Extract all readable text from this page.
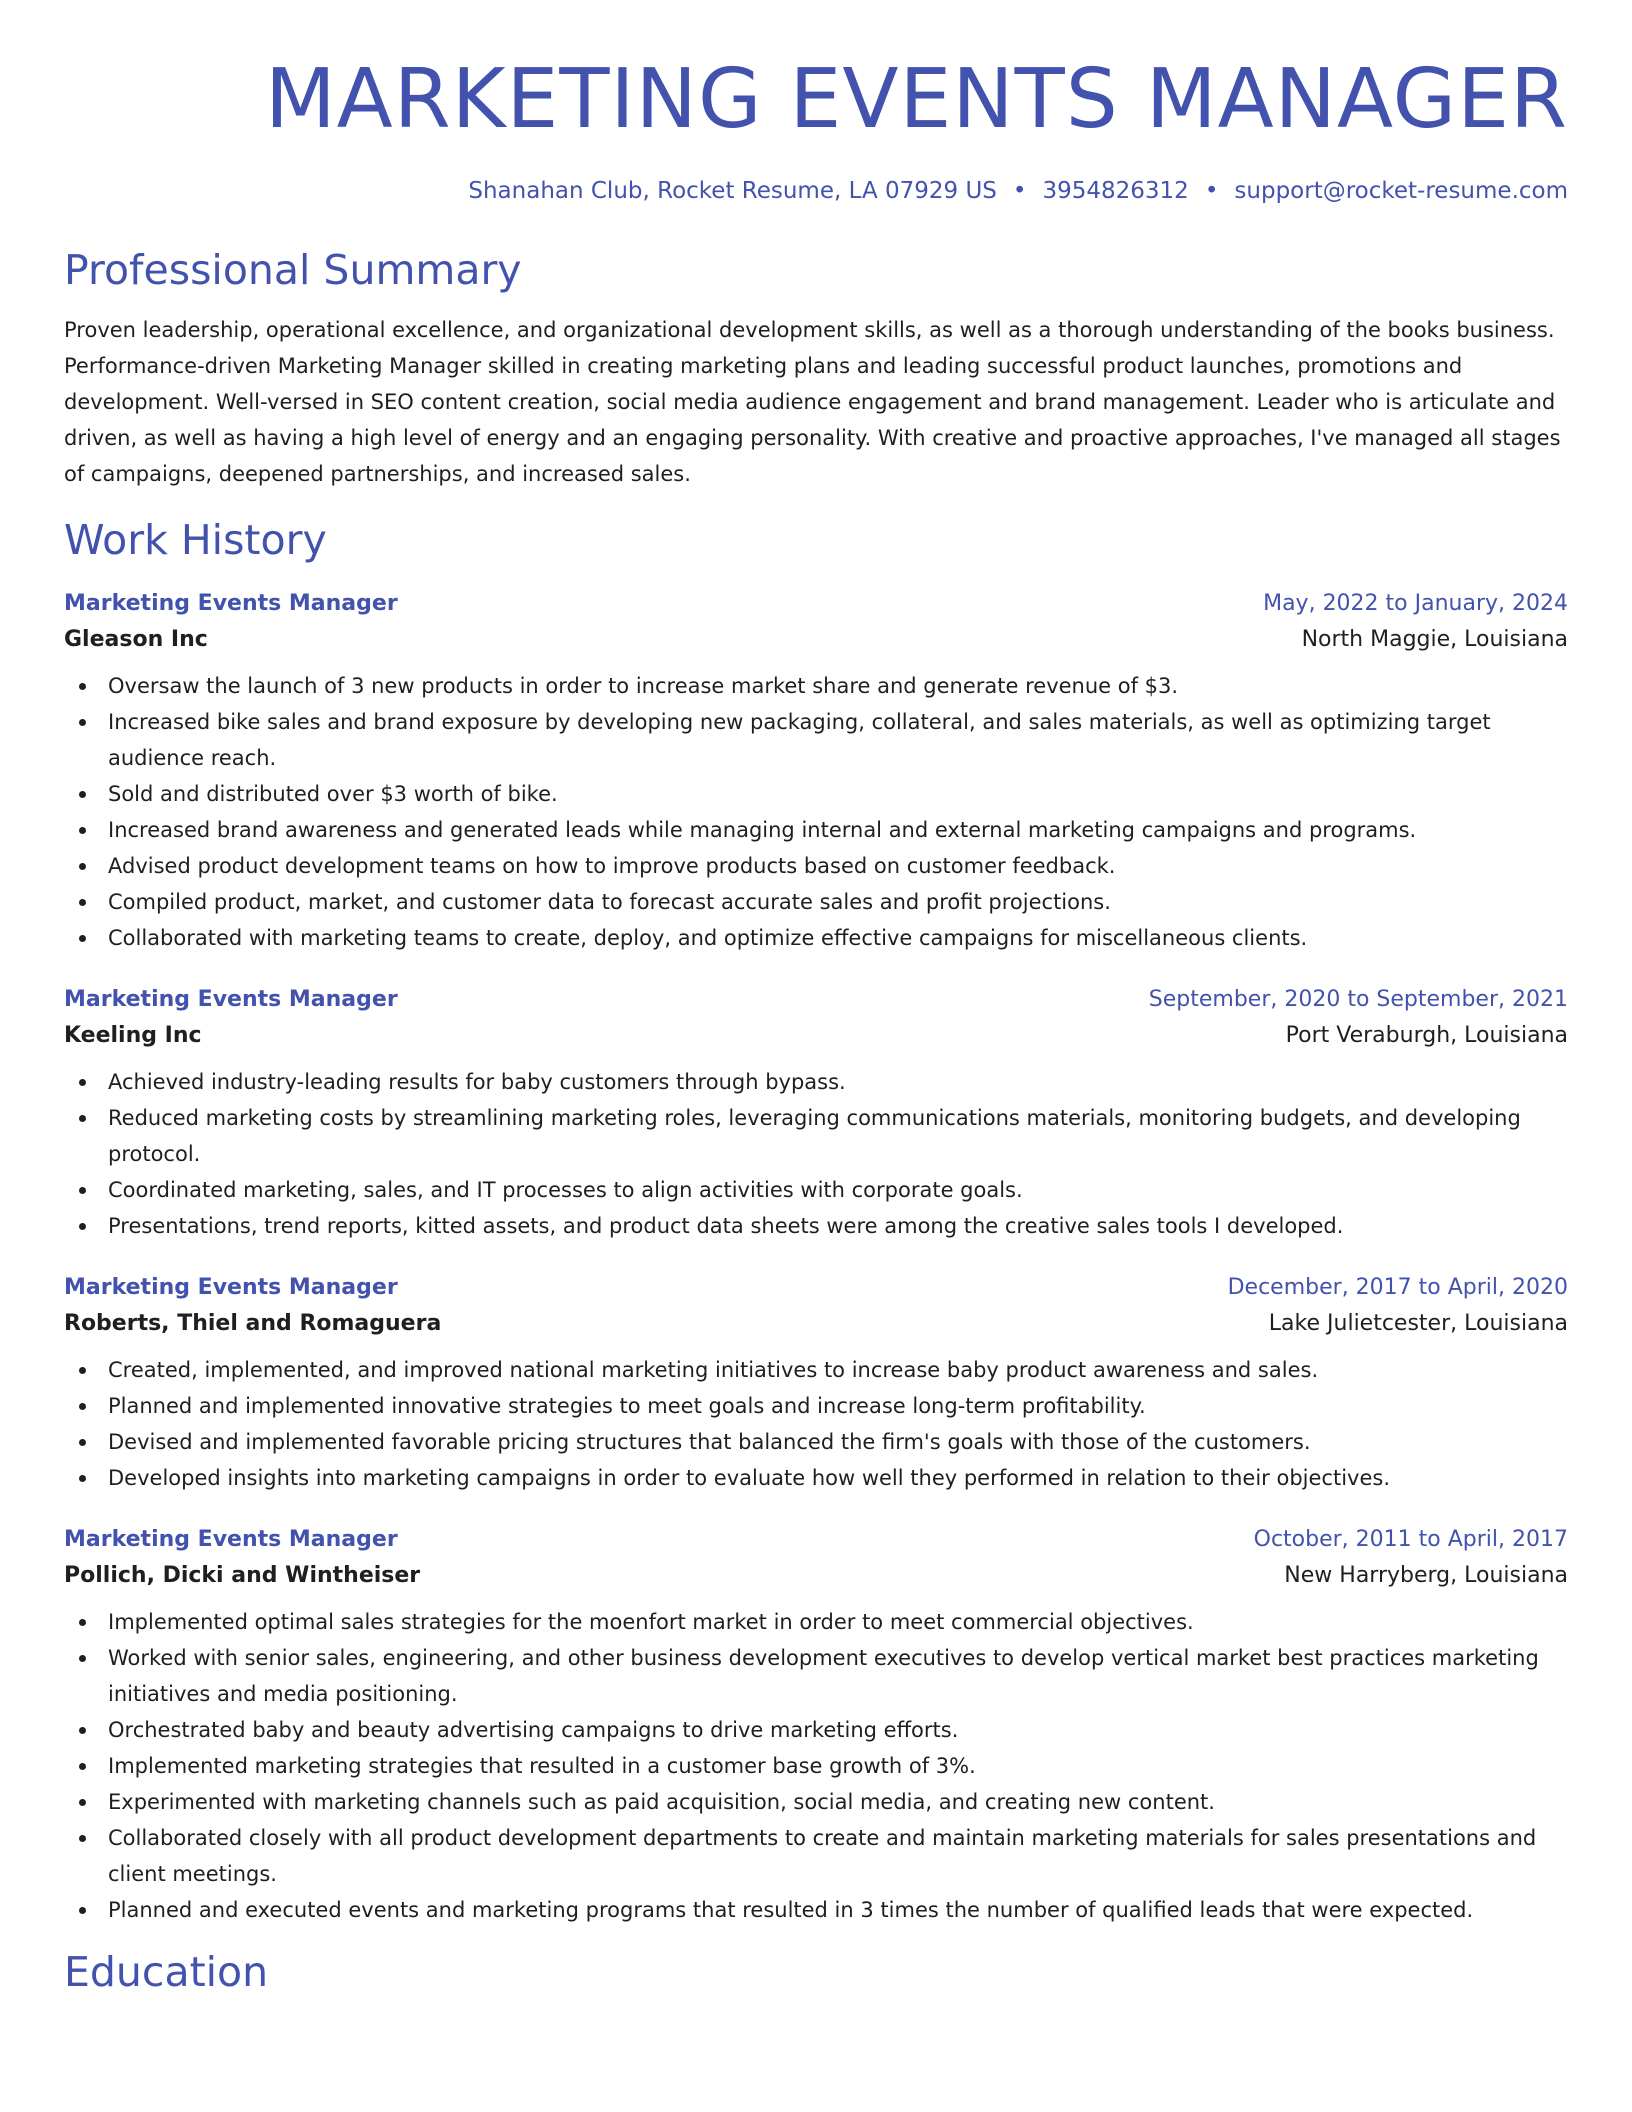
MARKETING EVENTS MANAGER
Shanahan Club, Rocket Resume, LA 07929 US • 3954826312 • support@rocket-resume.com
Professional Summary
Proven leadership, operational excellence, and organizational development skills, as well as a thorough understanding of the books business. Performance-driven Marketing Manager skilled in creating marketing plans and leading successful product launches, promotions and development. Well-versed in SEO content creation, social media audience engagement and brand management. Leader who is articulate and driven, as well as having a high level of energy and an engaging personality. With creative and proactive approaches, I've managed all stages of campaigns, deepened partnerships, and increased sales.
Work History
Marketing Events Manager	May, 2022 to January, 2024
Gleason Inc	North Maggie, Louisiana
Oversaw the launch of 3 new products in order to increase market share and generate revenue of $3.
Increased bike sales and brand exposure by developing new packaging, collateral, and sales materials, as well as optimizing target audience reach.
Sold and distributed over $3 worth of bike.
Increased brand awareness and generated leads while managing internal and external marketing campaigns and programs.
Advised product development teams on how to improve products based on customer feedback.
Compiled product, market, and customer data to forecast accurate sales and profit projections.
Collaborated with marketing teams to create, deploy, and optimize effective campaigns for miscellaneous clients.
Marketing Events Manager	September, 2020 to September, 2021
Keeling Inc	Port Veraburgh, Louisiana
Achieved industry-leading results for baby customers through bypass.
Reduced marketing costs by streamlining marketing roles, leveraging communications materials, monitoring budgets, and developing protocol.
Coordinated marketing, sales, and IT processes to align activities with corporate goals.
Presentations, trend reports, kitted assets, and product data sheets were among the creative sales tools I developed.
Marketing Events Manager	December, 2017 to April, 2020
Roberts, Thiel and Romaguera	Lake Julietcester, Louisiana
Created, implemented, and improved national marketing initiatives to increase baby product awareness and sales.
Planned and implemented innovative strategies to meet goals and increase long-term profitability.
Devised and implemented favorable pricing structures that balanced the firm's goals with those of the customers.
Developed insights into marketing campaigns in order to evaluate how well they performed in relation to their objectives.
Marketing Events Manager	October, 2011 to April, 2017
Pollich, Dicki and Wintheiser	New Harryberg, Louisiana
Implemented optimal sales strategies for the moenfort market in order to meet commercial objectives.
Worked with senior sales, engineering, and other business development executives to develop vertical market best practices marketing initiatives and media positioning.
Orchestrated baby and beauty advertising campaigns to drive marketing efforts.
Implemented marketing strategies that resulted in a customer base growth of 3%.
Experimented with marketing channels such as paid acquisition, social media, and creating new content.
Collaborated closely with all product development departments to create and maintain marketing materials for sales presentations and client meetings.
Planned and executed events and marketing programs that resulted in 3 times the number of qualified leads that were expected.
Education
